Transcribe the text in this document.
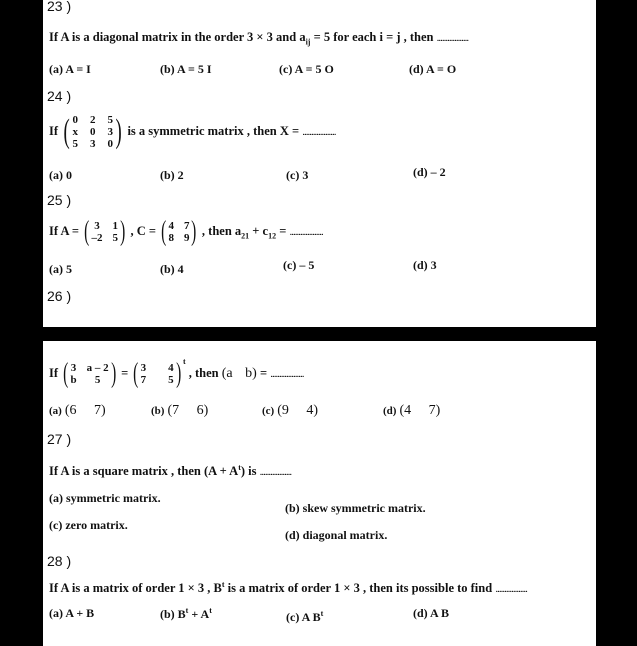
23 )
If A is a diagonal matrix in the order 3 × 3 and $a_{ij} = 5$ for each i = j , then ..................
(a) A = I	(b) A = 5 I	(c) A = 5 O	(d) A = O
24 )
If ( 0 2 5
x 0 3
5 3 0 ) is a symmetric matrix , then X = ...................
(a) 0	(b) 2	(c) 3	(d) – 2
25 )
If A = ( 3 1
–2 5 ) , C = ( 4 7
8 9 ) , then $a_{21} + c_{12}$ = ...................
(a) 5	(b) 4	(c) – 5	(d) 3
26 )
If ( 3 a – 2
b	5 ) = ( 3 4
7 5 ) $^t$ , then (a b) = ...................
(a) (6     7)	(b) (7     6)	(c) (9     4)	(d) (4     7)
27 )
If A is a square matrix , then $(A + A^t)$ is ..................
(a) symmetric matrix.
(b) skew symmetric matrix.
(c) zero matrix.
(d) diagonal matrix.
28 )
If A is a matrix of order 1 × 3 , $B^t$ is a matrix of order 1 × 3 , then its possible to find ..................
(a) A + B	(b) $B^t + A^t$	(c) A $B^t$	(d) A B
